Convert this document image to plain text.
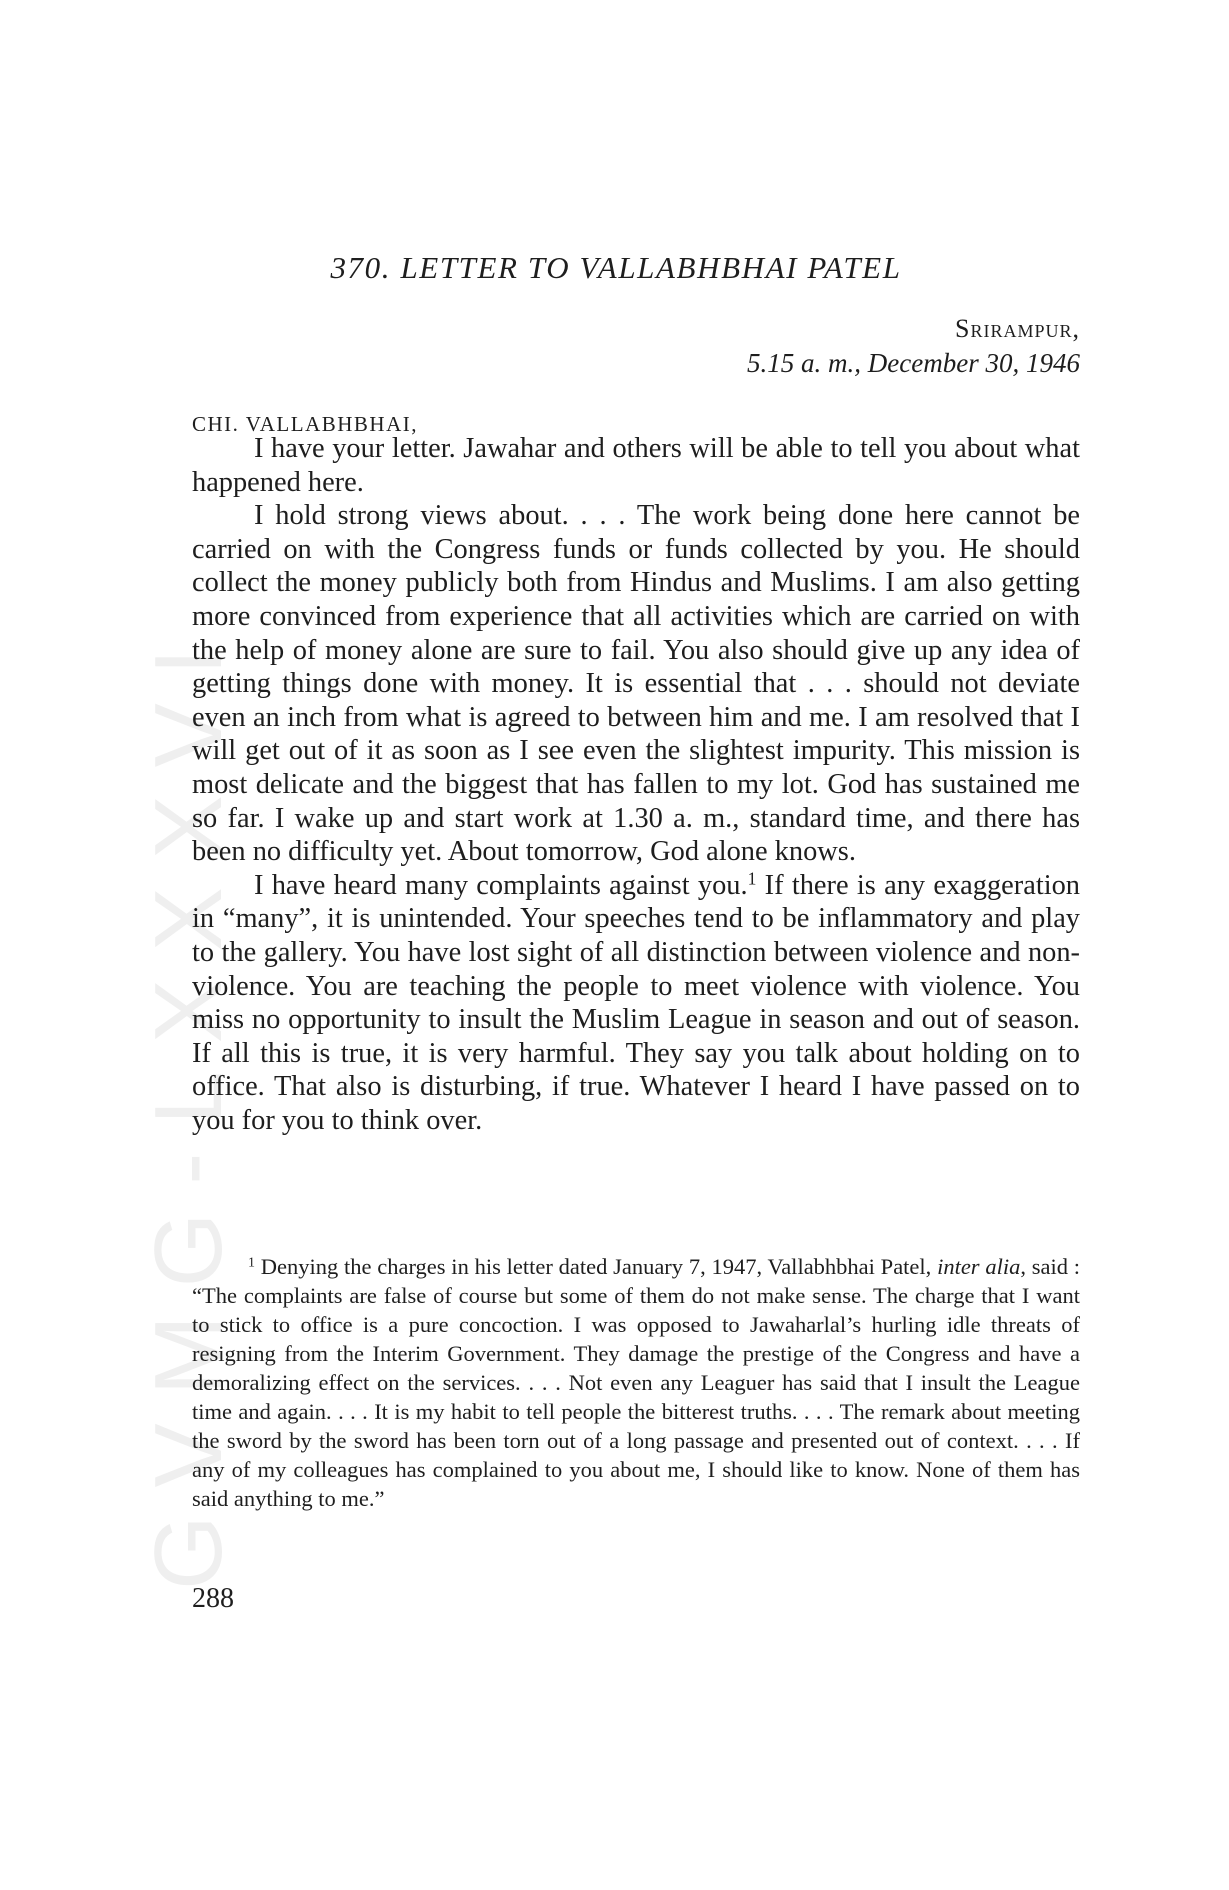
GVMG-LXXXVI
370. LETTER TO VALLABHBHAI PATEL
Srirampur,
5.15 a. m., December 30, 1946
CHI. VALLABHBHAI,

I have your letter. Jawahar and others will be able to tell you about what happened here.

I hold strong views about. . . . The work being done here cannot be carried on with the Congress funds or funds collected by you. He should collect the money publicly both from Hindus and Muslims. I am also getting more convinced from experience that all activities which are carried on with the help of money alone are sure to fail. You also should give up any idea of getting things done with money. It is essential that . . . should not deviate even an inch from what is agreed to between him and me. I am resolved that I will get out of it as soon as I see even the slightest impurity. This mission is most delicate and the biggest that has fallen to my lot. God has sustained me so far. I wake up and start work at 1.30 a. m., standard time, and there has been no difficulty yet. About tomorrow, God alone knows.

I have heard many complaints against you.$^1$ If there is any exaggeration in “many”, it is unintended. Your speeches tend to be inflammatory and play to the gallery. You have lost sight of all distinction between violence and non-violence. You are teaching the people to meet violence with violence. You miss no opportunity to insult the Muslim League in season and out of season. If all this is true, it is very harmful. They say you talk about holding on to office. That also is disturbing, if true. Whatever I heard I have passed on to you for you to think over.

$^1$ Denying the charges in his letter dated January 7, 1947, Vallabhbhai Patel, inter alia, said : “The complaints are false of course but some of them do not make sense. The charge that I want to stick to office is a pure concoction. I was opposed to Jawaharlal’s hurling idle threats of resigning from the Interim Government. They damage the prestige of the Congress and have a demoralizing effect on the services. . . . Not even any Leaguer has said that I insult the League time and again. . . . It is my habit to tell people the bitterest truths. . . . The remark about meeting the sword by the sword has been torn out of a long passage and presented out of context. . . . If any of my colleagues has complained to you about me, I should like to know. None of them has said anything to me.”

288
